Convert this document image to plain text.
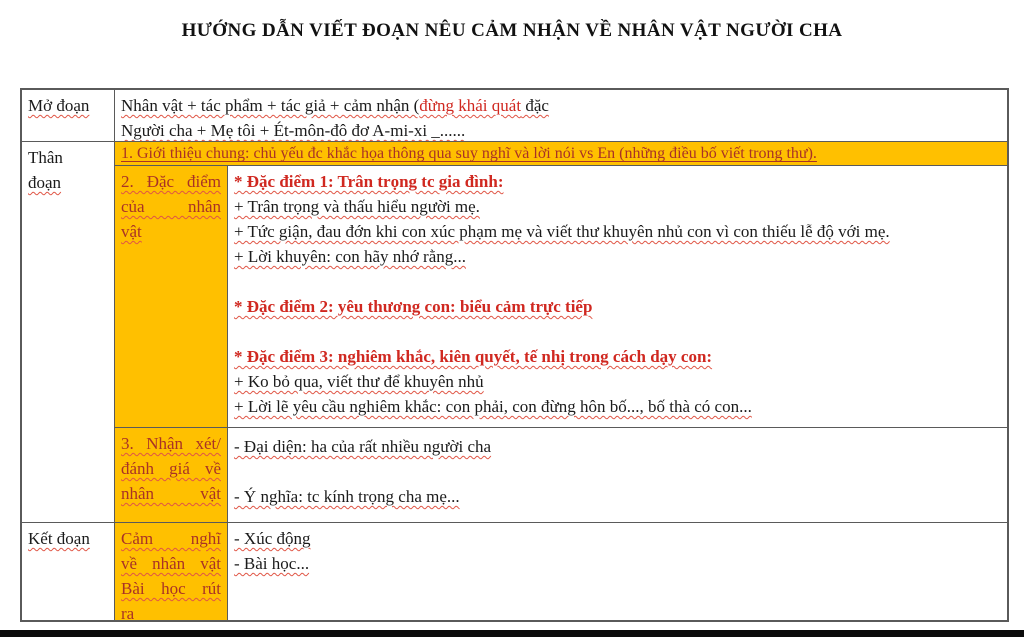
HƯỚNG DẪN VIẾT ĐOẠN NÊU CẢM NHẬN VỀ NHÂN VẬT NGƯỜI CHA
Mở đoạn	Nhân vật + tác phẩm + tác giả + cảm nhận (đừng khái quát đặc
Người cha + Mẹ tôi + Ét-môn-đô đơ A-mi-xi _......
Thân
đoạn
1. Giới thiệu chung: chủ yếu đc khắc họa thông qua suy nghĩ và lời nói vs En (những điều bố viết trong thư).
2. Đặc điểm
của nhân
vật
* Đặc điểm 1: Trân trọng tc gia đình:
+ Trân trọng và thấu hiểu người mẹ.
+ Tức giận, đau đớn khi con xúc phạm mẹ và viết thư khuyên nhủ con vì con thiếu lễ độ với mẹ.
+ Lời khuyên: con hãy nhớ rằng...
* Đặc điểm 2: yêu thương con: biểu cảm trực tiếp
* Đặc điểm 3: nghiêm khắc, kiên quyết, tế nhị trong cách dạy con:
+ Ko bỏ qua, viết thư để khuyên nhủ
+ Lời lẽ yêu cầu nghiêm khắc: con phải, con đừng hôn bố..., bố thà có con...
3. Nhận xét/
đánh giá về
nhân vật
- Đại diện: ha của rất nhiều người cha
- Ý nghĩa: tc kính trọng cha mẹ...
Kết đoạn	Cảm nghĩ
về nhân vật
Bài học rút
ra
- Xúc động
- Bài học...
